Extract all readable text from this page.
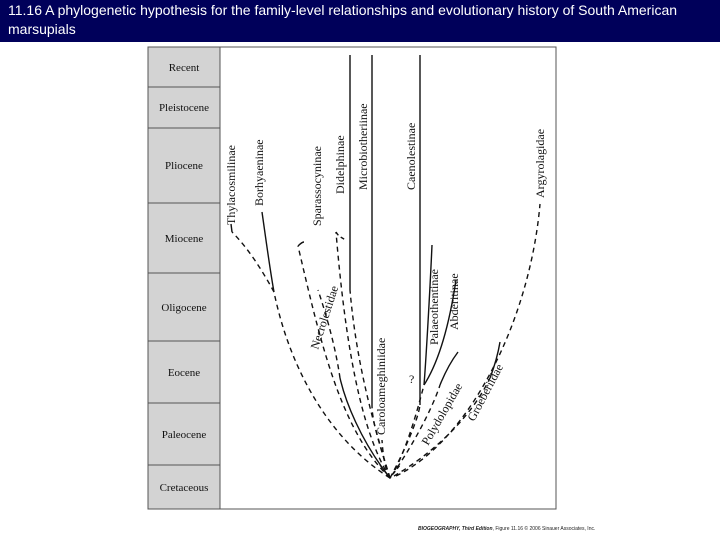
11.16 A phylogenetic hypothesis for the family-level relationships and evolutionary history of South American marsupials
Recent
Pleistocene
Pliocene
Miocene
Oligocene
Eocene
Paleocene
Cretaceous
Thylacosmilinae Borhyaeninae	Sparassocyninae Didelphinae Microbiotheriinae	Caenolestinae	Argyrolagidae
Necrolestidae
Caroloameghiniidae
Palaeothentinae Abderitinae
Polydolopidae Groeberiidae
?
BIOGEOGRAPHY, Third Edition, Figure 11.16 © 2006 Sinauer Associates, Inc.
